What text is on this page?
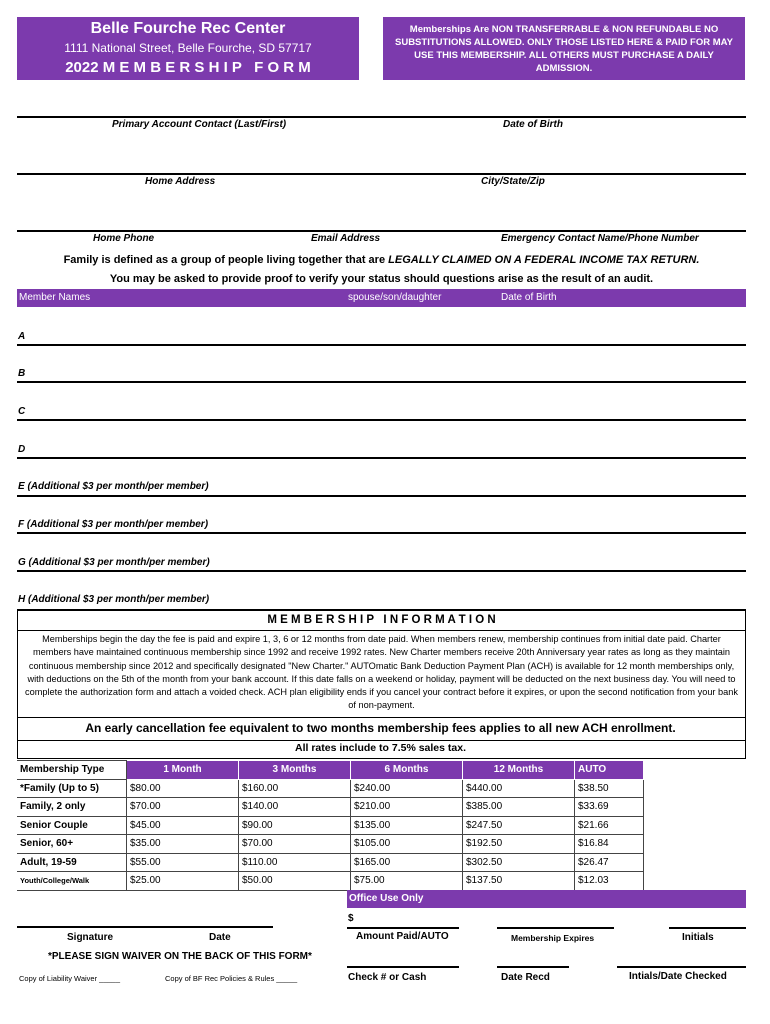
Belle Fourche Rec Center
1111 National Street, Belle Fourche, SD 57717
2022 M E M B E R S H I P   F O R M
Memberships Are NON TRANSFERRABLE & NON REFUNDABLE NO SUBSTITUTIONS ALLOWED. ONLY THOSE LISTED HERE & PAID FOR MAY USE THIS MEMBERSHIP. ALL OTHERS MUST PURCHASE A DAILY ADMISSION.
Primary Account Contact (Last/First)	Date of Birth
Home Address	City/State/Zip
Home Phone	Email Address	Emergency Contact Name/Phone Number
Family is defined as a group of people living together that are LEGALLY CLAIMED ON A FEDERAL INCOME TAX RETURN.
You may be asked to provide proof to verify your status should questions arise as the result of an audit.
Member Names	spouse/son/daughter	Date of Birth
A
B
C
D
E (Additional $3 per month/per member)
F (Additional $3 per month/per member)
G (Additional $3 per month/per member)
H (Additional $3 per month/per member)
M E M B E R S H I P   I N F O R M A T I O N
Memberships begin the day the fee is paid and expire 1, 3, 6 or 12 months from date paid. When members renew, membership continues from initial date paid. Charter members have maintained continuous membership since 1992 and receive 1992 rates. New Charter members receive 20th Anniversary year rates as long as they maintain continuous membership since 2012 and specifically designated "New Charter." AUTOmatic Bank Deduction Payment Plan (ACH) is available for 12 month memberships only, with deductions on the 5th of the month from your bank account. If this date falls on a weekend or holiday, payment will be deducted on the next business day. You will need to complete the authorization form and attach a voided check. ACH plan eligibility ends if you cancel your contract before it expires, or upon the second notification from your bank of non-payment.
An early cancellation fee equivalent to two months membership fees applies to all new ACH enrollment.
All rates include to 7.5% sales tax.
Membership Type	1 Month	3 Months	6 Months	12 Months	AUTO
*Family (Up to 5)	$80.00	$160.00	$240.00	$440.00	$38.50
Family, 2 only	$70.00	$140.00	$210.00	$385.00	$33.69
Senior Couple	$45.00	$90.00	$135.00	$247.50	$21.66
Senior, 60+	$35.00	$70.00	$105.00	$192.50	$16.84
Adult, 19-59	$55.00	$110.00	$165.00	$302.50	$26.47
Youth/College/Walk	$25.00	$50.00	$75.00	$137.50	$12.03
Office Use Only
$
Amount Paid/AUTO	Membership Expires	Initials
Check # or Cash	Date Recd	Intials/Date Checked
Signature	Date
*PLEASE SIGN WAIVER ON THE BACK OF THIS FORM*
Copy of Liability Waiver _____	Copy of BF Rec Policies & Rules _____
